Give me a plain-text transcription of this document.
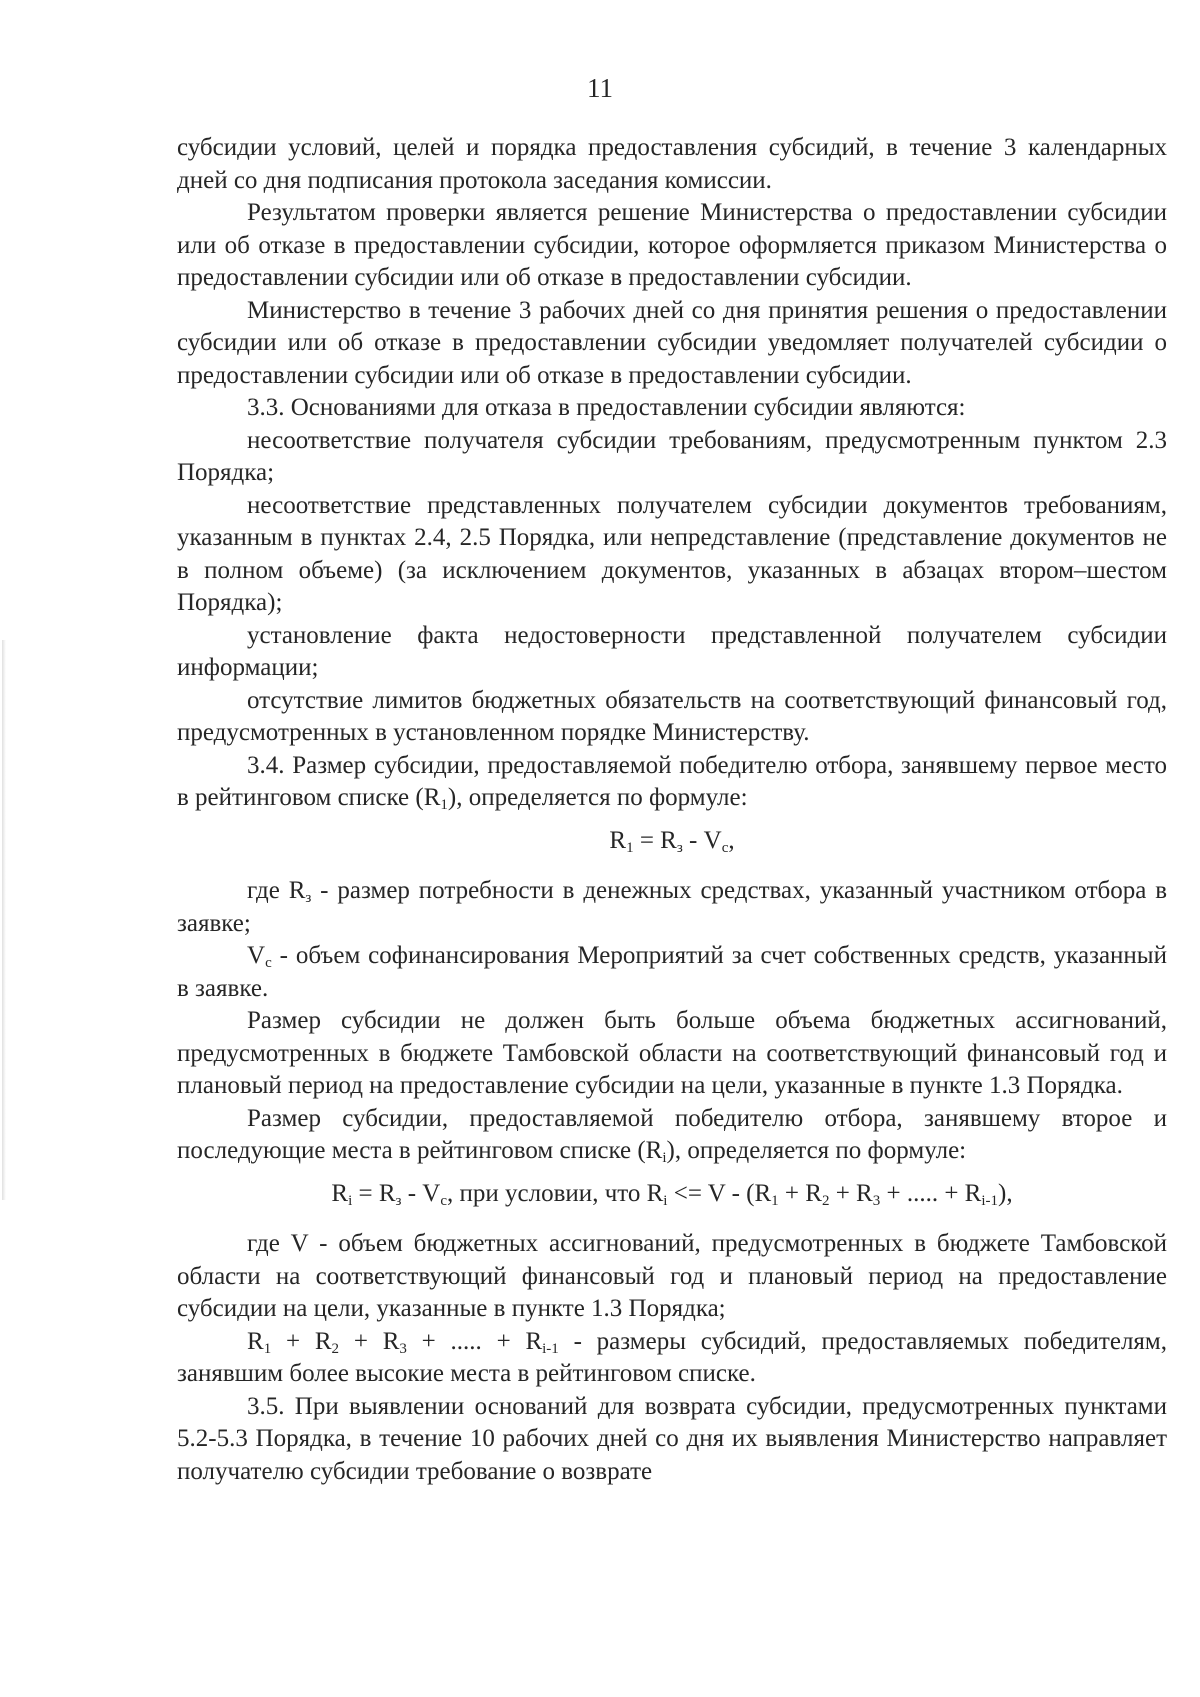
11

субсидии условий, целей и порядка предоставления субсидий, в течение 3 календарных дней со дня подписания протокола заседания комиссии.

Результатом проверки является решение Министерства о предоставлении субсидии или об отказе в предоставлении субсидии, которое оформляется приказом Министерства о предоставлении субсидии или об отказе в предоставлении субсидии.

Министерство в течение 3 рабочих дней со дня принятия решения о предоставлении субсидии или об отказе в предоставлении субсидии уведомляет получателей субсидии о предоставлении субсидии или об отказе в предоставлении субсидии.

3.3. Основаниями для отказа в предоставлении субсидии являются:

несоответствие получателя субсидии требованиям, предусмотренным пунктом 2.3 Порядка;

несоответствие представленных получателем субсидии документов требованиям, указанным в пунктах 2.4, 2.5 Порядка, или непредставление (представление документов не в полном объеме) (за исключением документов, указанных в абзацах втором–шестом Порядка);

установление факта недостоверности представленной получателем субсидии информации;

отсутствие лимитов бюджетных обязательств на соответствующий финансовый год, предусмотренных в установленном порядке Министерству.

3.4. Размер субсидии, предоставляемой победителю отбора, занявшему первое место в рейтинговом списке $(R_1)$, определяется по формуле:

$R_1 = R_з - V_c$,

где $R_з$ - размер потребности в денежных средствах, указанный участником отбора в заявке;

$V_c$ - объем софинансирования Мероприятий за счет собственных средств, указанный в заявке.

Размер субсидии не должен быть больше объема бюджетных ассигнований, предусмотренных в бюджете Тамбовской области на соответствующий финансовый год и плановый период на предоставление субсидии на цели, указанные в пункте 1.3 Порядка.

Размер субсидии, предоставляемой победителю отбора, занявшему второе и последующие места в рейтинговом списке $(R_i)$, определяется по формуле:

$R_i = R_з - V_c$, при условии, что $R_i <= V - (R_1 + R_2 + R_3$ + ..... + $R_{i-1}$),

где V - объем бюджетных ассигнований, предусмотренных в бюджете Тамбовской области на соответствующий финансовый год и плановый период на предоставление субсидии на цели, указанные в пункте 1.3 Порядка;

$R_1 + R_2 + R_3$ + ..... + $R_{i-1}$ - размеры субсидий, предоставляемых победителям, занявшим более высокие места в рейтинговом списке.

3.5. При выявлении оснований для возврата субсидии, предусмотренных пунктами 5.2-5.3 Порядка, в течение 10 рабочих дней со дня их выявления Министерство направляет получателю субсидии требование о возврате
